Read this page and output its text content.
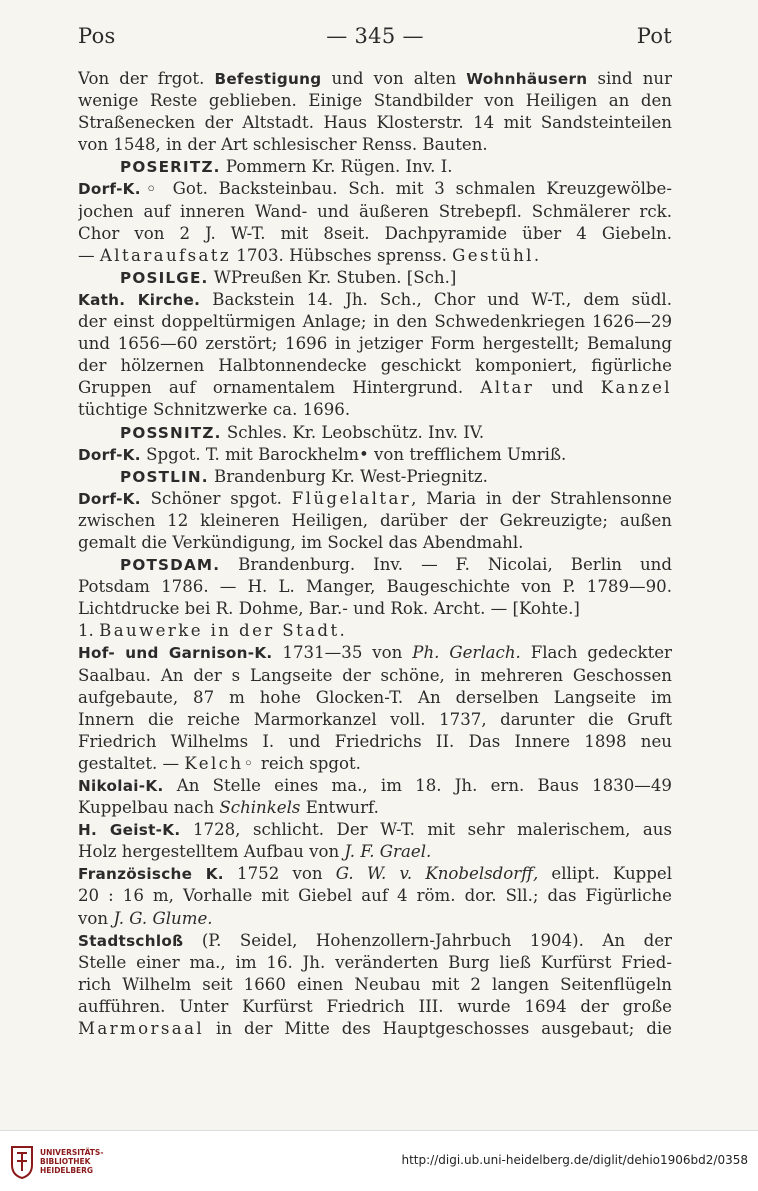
Pos	— 345 —	Pot
Von der frgot. Befestigung und von alten Wohnhäusern sind nur
wenige Reste geblieben. Einige Standbilder von Heiligen an den
Straßenecken der Altstadt. Haus Klosterstr. 14 mit Sandsteinteilen
von 1548, in der Art schlesischer Renss. Bauten.
POSERITZ. Pommern Kr. Rügen. Inv. I.
Dorf-K.◦ Got. Backsteinbau. Sch. mit 3 schmalen Kreuzgewölbe-
jochen auf inneren Wand- und äußeren Strebepfl. Schmälerer rck.
Chor von 2 J. W-T. mit 8seit. Dachpyramide über 4 Giebeln.
— Altaraufsatz 1703. Hübsches sprenss. Gestühl.
POSILGE. WPreußen Kr. Stuben. [Sch.]
Kath. Kirche. Backstein 14. Jh. Sch., Chor und W-T., dem südl.
der einst doppeltürmigen Anlage; in den Schwedenkriegen 1626—29
und 1656—60 zerstört; 1696 in jetziger Form hergestellt; Bemalung
der hölzernen Halbtonnendecke geschickt komponiert, figürliche
Gruppen auf ornamentalem Hintergrund. Altar und Kanzel
tüchtige Schnitzwerke ca. 1696.
POSSNITZ. Schles. Kr. Leobschütz. Inv. IV.
Dorf-K. Spgot. T. mit Barockhelm• von trefflichem Umriß.
POSTLIN. Brandenburg Kr. West-Priegnitz.
Dorf-K. Schöner spgot. Flügelaltar, Maria in der Strahlensonne
zwischen 12 kleineren Heiligen, darüber der Gekreuzigte; außen
gemalt die Verkündigung, im Sockel das Abendmahl.
POTSDAM. Brandenburg. Inv. — F. Nicolai, Berlin und
Potsdam 1786. — H. L. Manger, Baugeschichte von P. 1789—90.
Lichtdrucke bei R. Dohme, Bar.- und Rok. Archt. — [Kohte.]
1. Bauwerke in der Stadt.
Hof- und Garnison-K. 1731—35 von Ph. Gerlach. Flach gedeckter
Saalbau. An der s Langseite der schöne, in mehreren Geschossen
aufgebaute, 87 m hohe Glocken-T. An derselben Langseite im
Innern die reiche Marmorkanzel voll. 1737, darunter die Gruft
Friedrich Wilhelms I. und Friedrichs II. Das Innere 1898 neu
gestaltet. — Kelch◦ reich spgot.
Nikolai-K. An Stelle eines ma., im 18. Jh. ern. Baus 1830—49
Kuppelbau nach Schinkels Entwurf.
H. Geist-K. 1728, schlicht. Der W-T. mit sehr malerischem, aus
Holz hergestelltem Aufbau von J. F. Grael.
Französische K. 1752 von G. W. v. Knobelsdorff, ellipt. Kuppel
20 : 16 m, Vorhalle mit Giebel auf 4 röm. dor. Sll.; das Figürliche
von J. G. Glume.
Stadtschloß (P. Seidel, Hohenzollern-Jahrbuch 1904). An der
Stelle einer ma., im 16. Jh. veränderten Burg ließ Kurfürst Fried-
rich Wilhelm seit 1660 einen Neubau mit 2 langen Seitenflügeln
aufführen. Unter Kurfürst Friedrich III. wurde 1694 der große
Marmorsaal in der Mitte des Hauptgeschosses ausgebaut; die
UNIVERSITÄTS-
BIBLIOTHEK
HEIDELBERG
http://digi.ub.uni-heidelberg.de/diglit/dehio1906bd2/0358
